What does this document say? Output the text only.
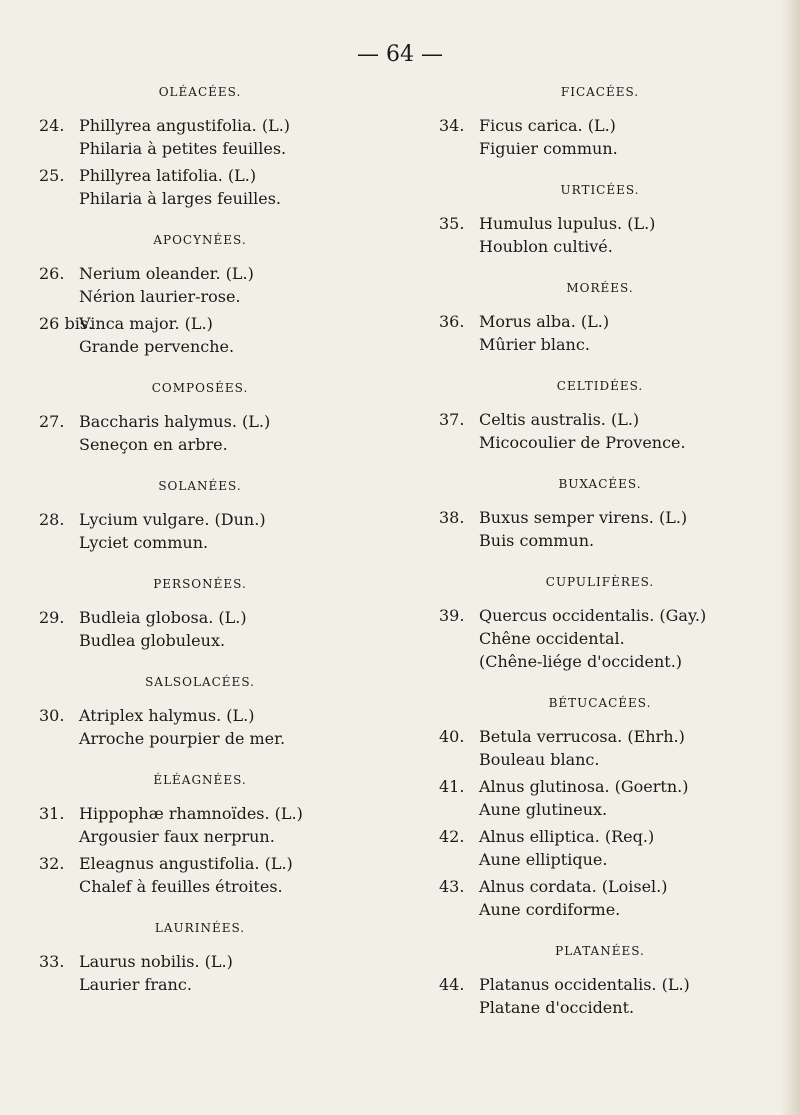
— 64 —
OLÉACÉES.
24. Phillyrea angustifolia. (L.)
Philaria à petites feuilles.
25. Phillyrea latifolia. (L.)
Philaria à larges feuilles.
APOCYNÉES.
26. Nerium oleander. (L.)
Nérion laurier-rose.
26 bis.
Vinca major. (L.)
Grande pervenche.
COMPOSÉES.
27. Baccharis halymus. (L.)
Seneçon en arbre.
SOLANÉES.
28. Lycium vulgare. (Dun.)
Lyciet commun.
PERSONÉES.
29. Budleia globosa. (L.)
Budlea globuleux.
SALSOLACÉES.
30. Atriplex halymus. (L.)
Arroche pourpier de mer.
ÉLÉAGNÉES.
31. Hippophæ rhamnoïdes. (L.)
Argousier faux nerprun.
32. Eleagnus angustifolia. (L.)
Chalef à feuilles étroites.
LAURINÉES.
33. Laurus nobilis. (L.)
Laurier franc.
FICACÉES.
34. Ficus carica. (L.)
Figuier commun.
URTICÉES.
35. Humulus lupulus. (L.)
Houblon cultivé.
MORÉES.
36. Morus alba. (L.)
Mûrier blanc.
CELTIDÉES.
37. Celtis australis. (L.)
Micocoulier de Provence.
BUXACÉES.
38. Buxus semper virens. (L.)
Buis commun.
CUPULIFÈRES.
39. Quercus occidentalis. (Gay.)
Chêne occidental.
(Chêne-liége d'occident.)
BÉTUCACÉES.
40. Betula verrucosa. (Ehrh.)
Bouleau blanc.
41. Alnus glutinosa. (Goertn.)
Aune glutineux.
42. Alnus elliptica. (Req.)
Aune elliptique.
43. Alnus cordata. (Loisel.)
Aune cordiforme.
PLATANÉES.
44. Platanus occidentalis. (L.)
Platane d'occident.
